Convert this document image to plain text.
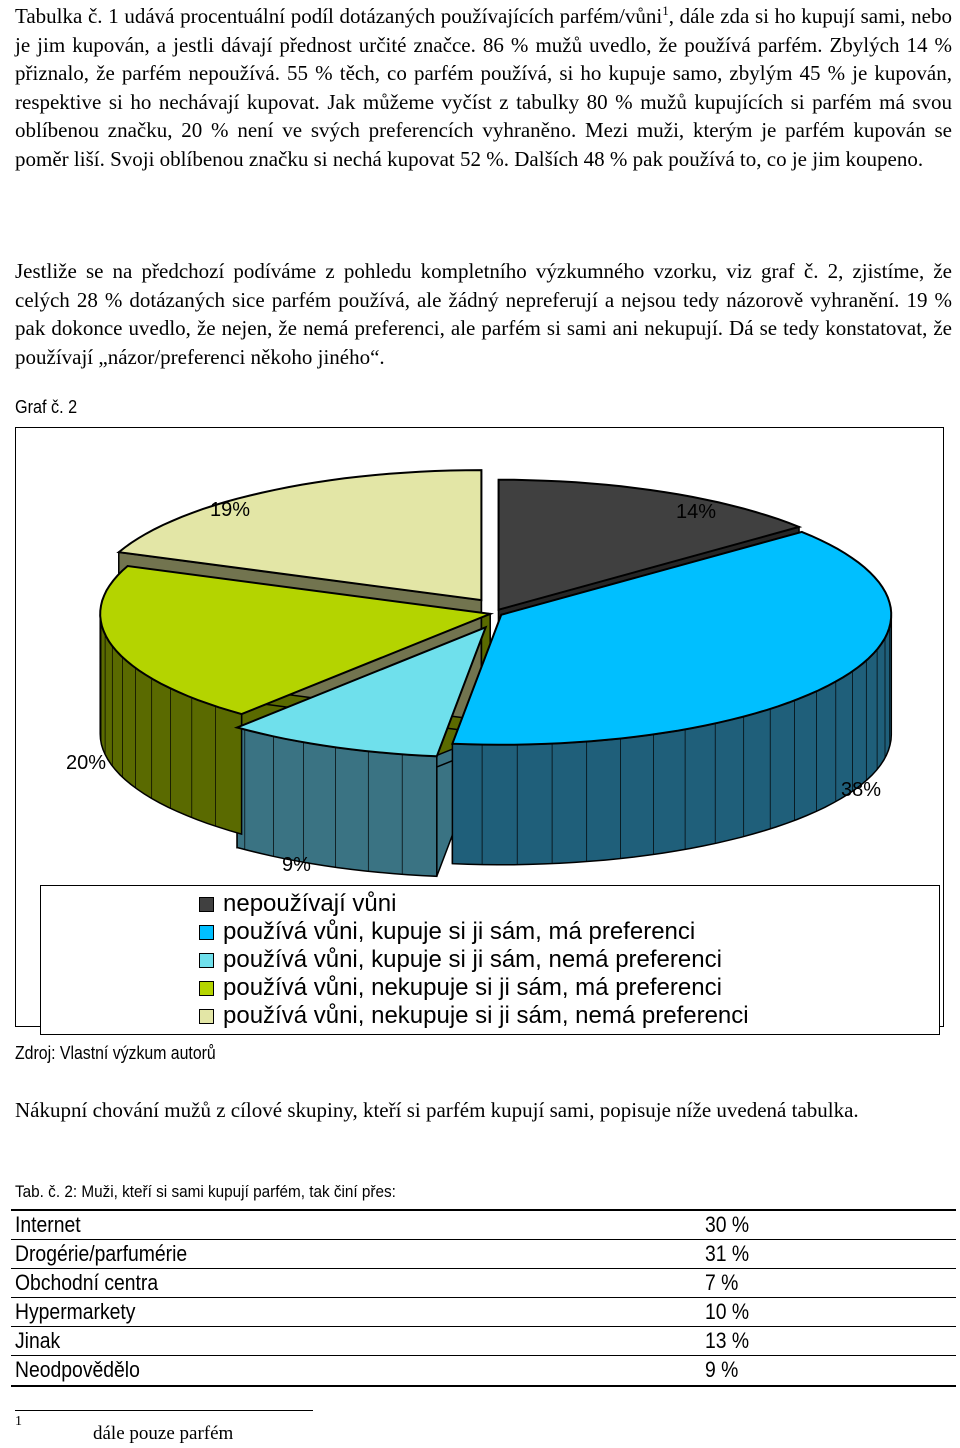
Tabulka č. 1 udává procentuální podíl dotázaných používajících parfém/vůni$^1$, dále zda si ho kupují sami, nebo je jim kupován, a jestli dávají přednost určité značce. 86 % mužů uvedlo, že používá parfém. Zbylých 14 % přiznalo, že parfém nepoužívá. 55 % těch, co parfém používá, si ho kupuje samo, zbylým 45 % je kupován, respektive si ho nechávají kupovat. Jak můžeme vyčíst z tabulky 80 % mužů kupujících si parfém má svou oblíbenou značku, 20 % není ve svých preferencích vyhraněno. Mezi muži, kterým je parfém kupován se poměr liší. Svoji oblíbenou značku si nechá kupovat 52 %. Dalších 48 % pak používá to, co je jim koupeno.
Jestliže se na předchozí podíváme z pohledu kompletního výzkumného vzorku, viz graf č. 2, zjistíme, že celých 28 % dotázaných sice parfém používá, ale žádný nepreferují a nejsou tedy názorově vyhranění. 19 % pak dokonce uvedlo, že nejen, že nemá preferenci, ale parfém si sami ani nekupují. Dá se tedy konstatovat, že používají „názor/preferenci někoho jiného“.
Graf č. 2
14%
38%
9%
20%
19%
nepoužívají vůni
používá vůni, kupuje si ji sám, má preferenci
používá vůni, kupuje si ji sám, nemá preferenci
používá vůni, nekupuje si ji sám, má preferenci
používá vůni, nekupuje si ji sám, nemá preferenci
Zdroj: Vlastní výzkum autorů
Nákupní chování mužů z cílové skupiny, kteří si parfém kupují sami, popisuje níže uvedená tabulka.
Tab. č. 2: Muži, kteří si sami kupují parfém, tak činí přes:
Internet	30 %
Drogérie/parfumérie	31 %
Obchodní centra	7 %
Hypermarkety	10 %
Jinak	13 %
Neodpovědělo	9 %
1
dále pouze parfém
